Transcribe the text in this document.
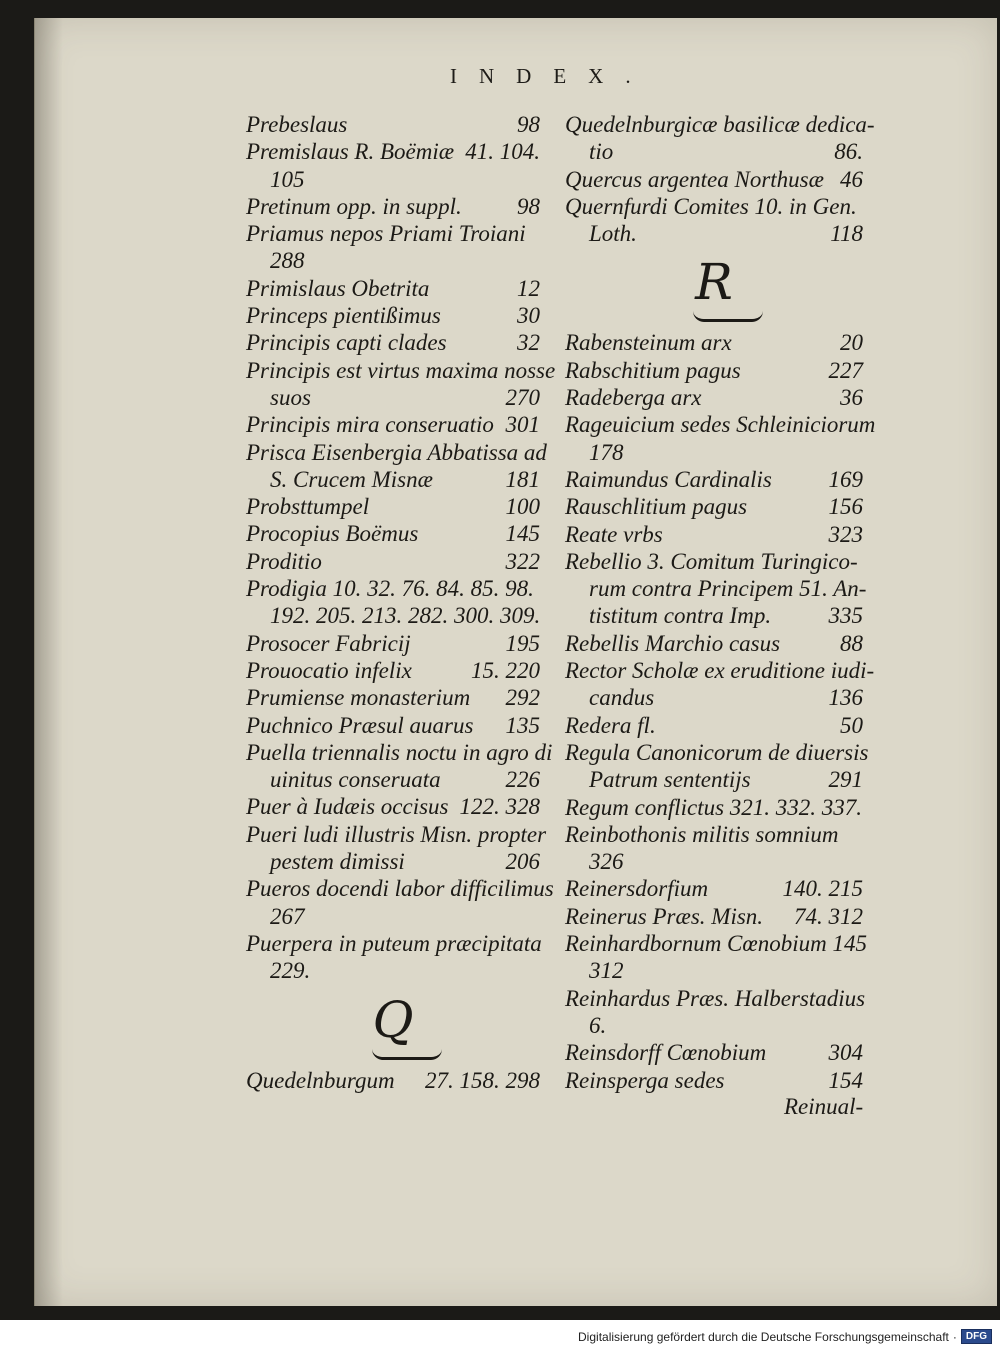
INDEX.
Prebeslaus	98
Premislaus R. Boëmiæ 41. 104.
105
Pretinum opp. in suppl. 98
Priamus nepos Priami Troiani
288
Primislaus Obetrita	12
Princeps pientißimus	30
Principis capti clades	32
Principis est virtus maxima nosse
suos	270
Principis mira conseruatio 301
Prisca Eisenbergia Abbatissa ad
S. Crucem Misnæ	181
Probsttumpel	100
Procopius Boëmus	145
Proditio	322
Prodigia 10. 32. 76. 84. 85. 98.
192. 205. 213. 282. 300. 309.
Prosocer Fabricij	195
Prouocatio infelix	15. 220
Prumiense monasterium 292
Puchnico Præsul auarus 135
Puella triennalis noctu in agro di
uinitus conseruata	226
Puer à Iudæis occisus 122. 328
Pueri ludi illustris Misn. propter
pestem dimissi	206
Pueros docendi labor difficilimus
267
Puerpera in puteum præcipitata
229.
Q
Quedelnburgum 27. 158. 298
Quedelnburgicæ basilicæ dedica-
tio	86.
Quercus argentea Northusæ 46
Quernfurdi Comites 10. in Gen.
Loth.	118
R
Rabensteinum arx	20
Rabschitium pagus	227
Radeberga arx	36
Rageuicium sedes Schleiniciorum
178
Raimundus Cardinalis 169
Rauschlitium pagus	156
Reate vrbs	323
Rebellio 3. Comitum Turingico-
rum contra Principem 51. An-
tistitum contra Imp. 335
Rebellis Marchio casus	88
Rector Scholæ ex eruditione iudi-
candus	136
Redera fl.	50
Regula Canonicorum de diuersis
Patrum sententijs	291
Regum conflictus 321. 332. 337.
Reinbothonis militis somnium
326
Reinersdorfium	140. 215
Reinerus Præs. Misn. 74. 312
Reinhardbornum Cœnobium 145
312
Reinhardus Præs. Halberstadius
6.
Reinsdorff Cœnobium	304
Reinsperga sedes	154
Reinual-
Digitalisierung gefördert durch die Deutsche Forschungsgemeinschaft · DFG
